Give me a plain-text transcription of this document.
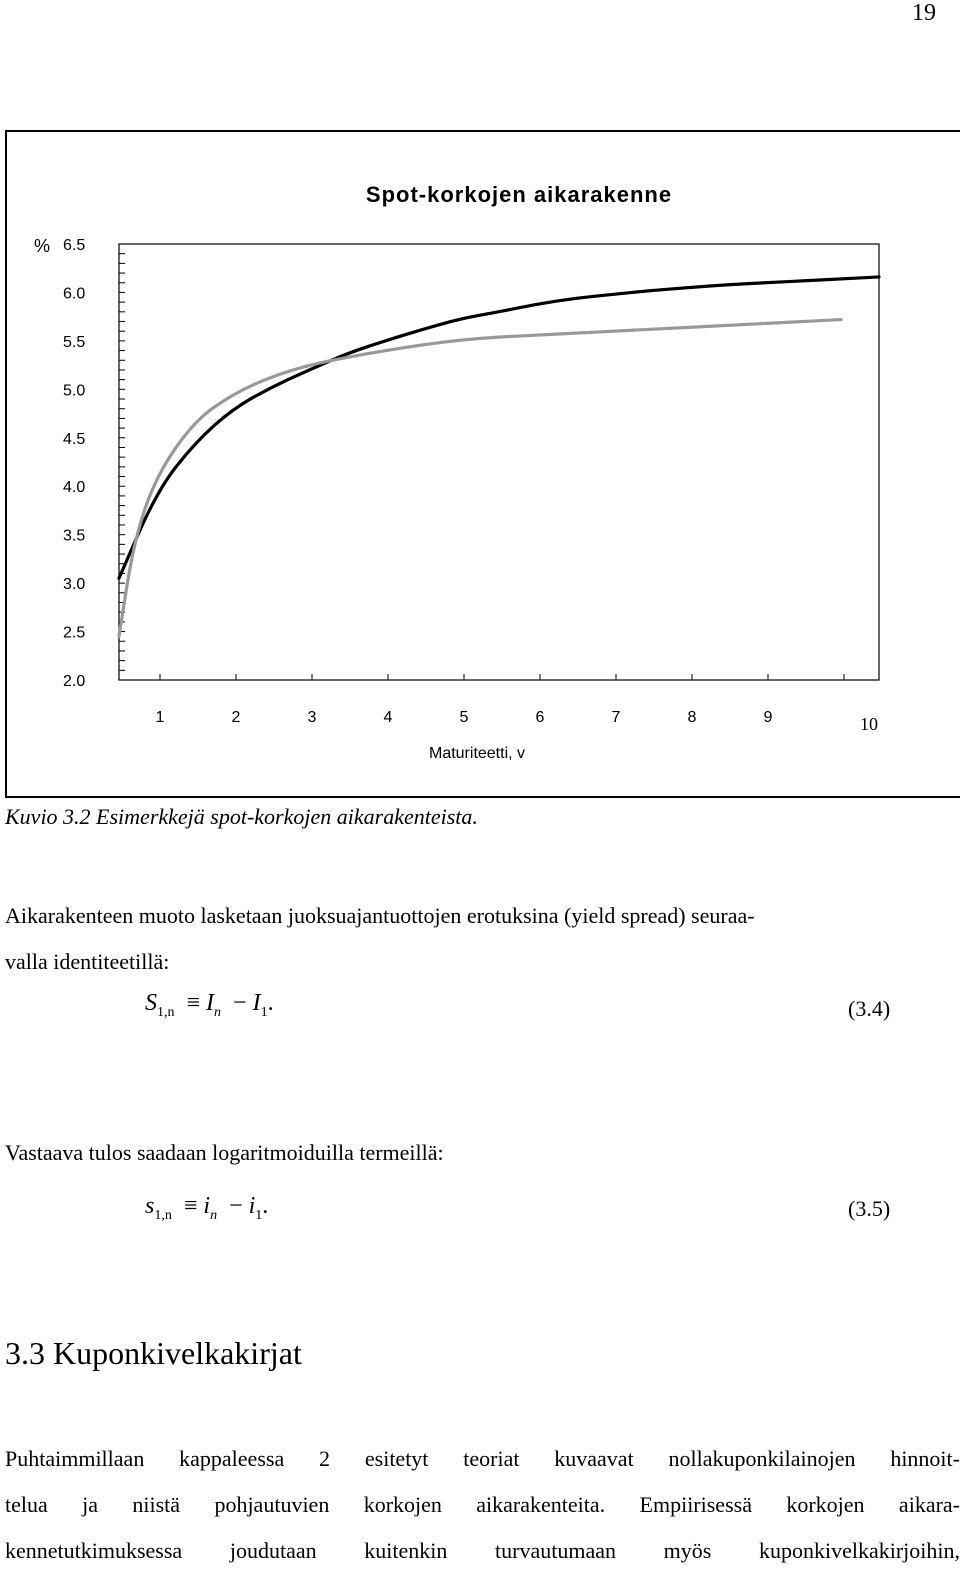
19
Spot-korkojen aikarakenne
%
Maturiteetti, v
6.5
6.0
5.5
5.0
4.5
4.0
3.5
3.0
2.5
2.0
1	2	3	4	5	6	7	8	9	10
Kuvio 3.2 Esimerkkejä spot-korkojen aikarakenteista.
Aikarakenteen muoto lasketaan juoksuajantuottojen erotuksina (yield spread) seuraa-
valla identiteetillä:
$S_{1,n} \equiv I_n - I_1$.	(3.4)
Vastaava tulos saadaan logaritmoiduilla termeillä:
$s_{1,n} \equiv i_n - i_1$.	(3.5)
3.3 Kuponkivelkakirjat
Puhtaimmillaan kappaleessa 2 esitetyt teoriat kuvaavat nollakuponkilainojen hinnoit-
telua ja niistä pohjautuvien korkojen aikarakenteita. Empiirisessä korkojen aikara-
kennetutkimuksessa joudutaan kuitenkin turvautumaan myös kuponkivelkakirjoihin,
